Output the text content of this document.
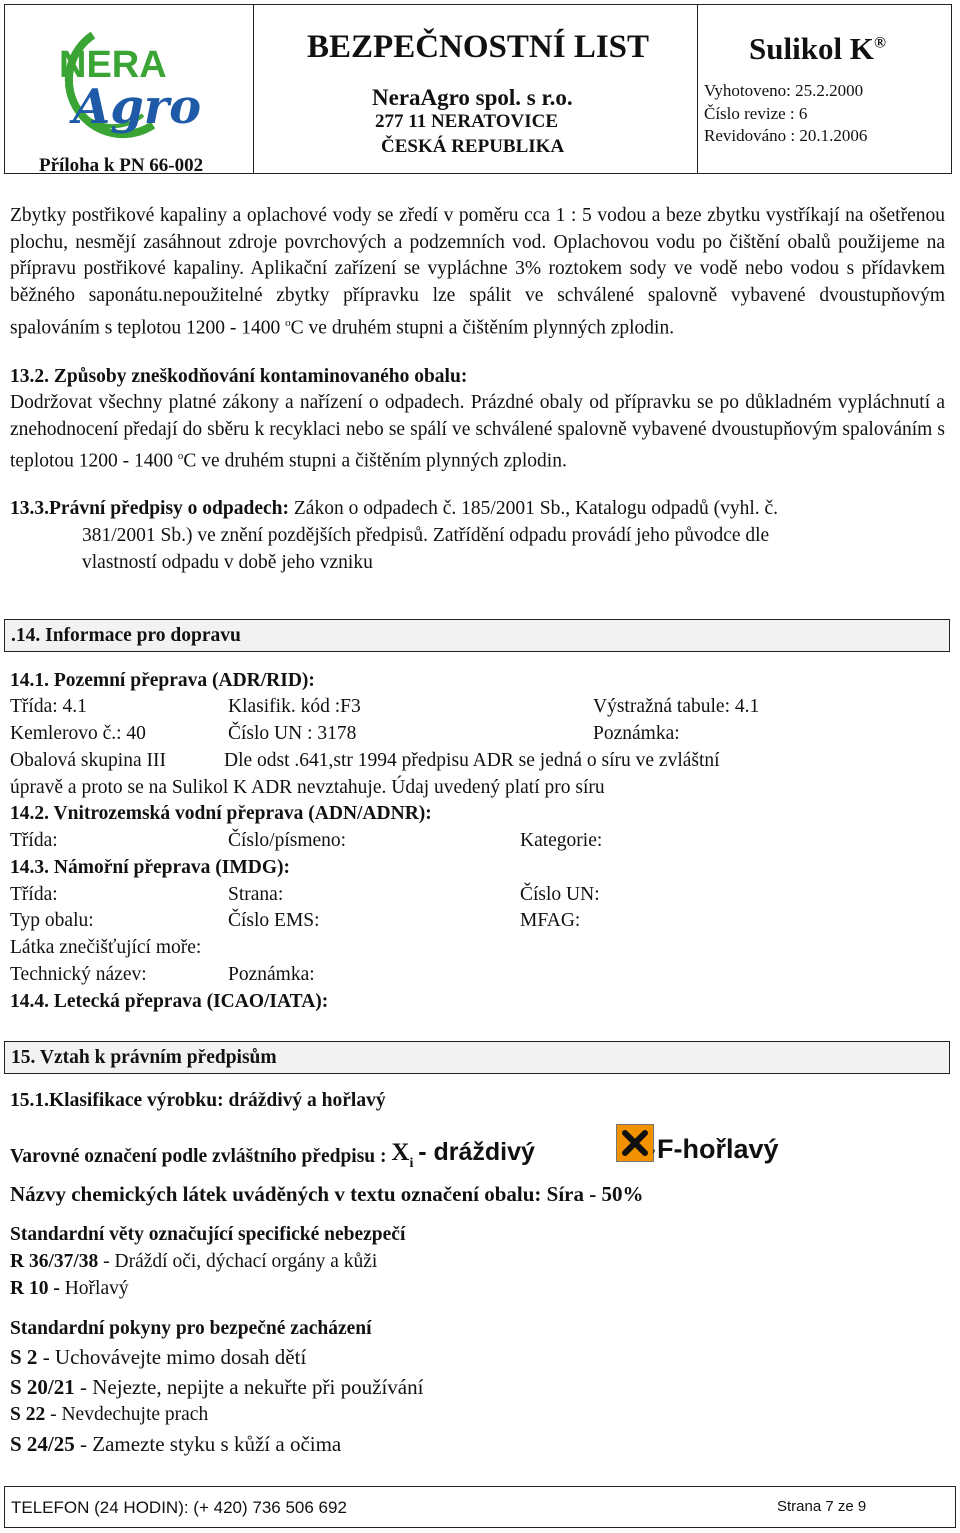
NERA
Agro
Příloha k PN 66-002
BEZPEČNOSTNÍ LIST
NeraAgro spol. s r.o.
277 11 NERATOVICE
ČESKÁ REPUBLIKA
Sulikol K®
Vyhotoveno: 25.2.2000
Číslo revize : 6
Revidováno : 20.1.2006
Zbytky postřikové kapaliny a oplachové vody se zředí v poměru cca 1 : 5 vodou a beze zbytku vystříkají na ošetřenou plochu, nesmějí zasáhnout zdroje povrchových a podzemních vod. Oplachovou vodu po čištění obalů použijeme na přípravu postřikové kapaliny. Aplikační zařízení se vypláchne 3% roztokem sody ve vodě nebo vodou s přídavkem běžného saponátu.nepoužitelné zbytky přípravku lze spálit ve schválené spalovně vybavené dvoustupňovým spalováním s teplotou 1200 - 1400 $^o$C ve druhém stupni a čištěním plynných zplodin.
13.2. Způsoby zneškodňování kontaminovaného obalu:
Dodržovat všechny platné zákony a nařízení o odpadech. Prázdné obaly od přípravku se po důkladném vypláchnutí a znehodnocení předají do sběru k recyklaci nebo se spálí ve schválené spalovně vybavené dvoustupňovým spalováním s teplotou 1200 - 1400 $^o$C ve druhém stupni a čištěním plynných zplodin.
13.3.Právní předpisy o odpadech: Zákon o odpadech č. 185/2001 Sb., Katalogu odpadů (vyhl. č.
381/2001 Sb.) ve znění pozdějších předpisů. Zatřídění odpadu provádí jeho původce dle
vlastností odpadu v době jeho vzniku
.14. Informace pro dopravu
14.1. Pozemní přeprava (ADR/RID):
Třída: 4.1	Klasifik. kód :F3	Výstražná tabule: 4.1
Kemlerovo č.: 40	Číslo UN : 3178	Poznámka:
Obalová skupina III	Dle odst .641,str 1994 předpisu ADR se jedná o síru ve zvláštní
úpravě a proto se na Sulikol K ADR nevztahuje. Údaj uvedený platí pro síru
14.2. Vnitrozemská vodní přeprava (ADN/ADNR):
Třída:	Číslo/písmeno:	Kategorie:
14.3. Námořní přeprava (IMDG):
Třída:	Strana:	Číslo UN:
Typ obalu:	Číslo EMS:	MFAG:
Látka znečišťující moře:
Technický název:	Poznámka:
14.4. Letecká přeprava (ICAO/IATA):
15. Vztah k právním předpisům
15.1.Klasifikace výrobku: dráždivý a hořlavý
Varovné označení podle zvláštního předpisu : $X_i$ - dráždivý	, F-hořlavý
Názvy chemických látek uváděných v textu označení obalu: Síra - 50%
Standardní věty označující specifické nebezpečí
R 36/37/38 - Dráždí oči, dýchací orgány a kůži
R 10 - Hořlavý
Standardní pokyny pro bezpečné zacházení
S 2 - Uchovávejte mimo dosah dětí
S 20/21 - Nejezte, nepijte a nekuřte při používání
S 22 - Nevdechujte prach
S 24/25 - Zamezte styku s kůží a očima
TELEFON (24 HODIN): (+ 420) 736 506 692	Strana 7 ze 9
